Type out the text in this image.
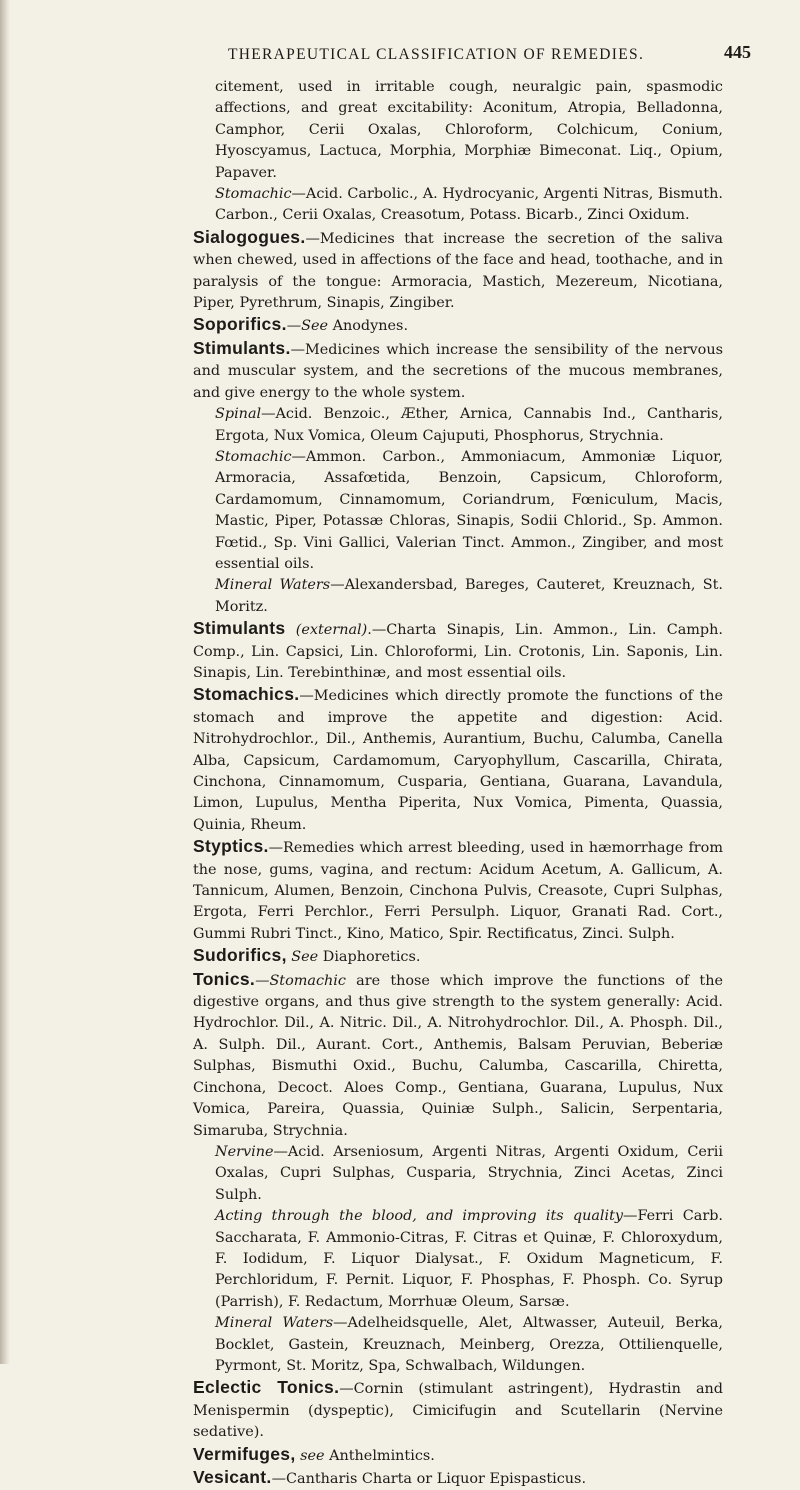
THERAPEUTICAL CLASSIFICATION OF REMEDIES.	445

citement, used in irritable cough, neuralgic pain, spasmodic affections, and great excitability: Aconitum, Atropia, Belladonna, Camphor, Cerii Oxalas, Chloroform, Colchicum, Conium, Hyoscyamus, Lactuca, Morphia, Morphiæ Bimeconat. Liq., Opium, Papaver.

Stomachic—Acid. Carbolic., A. Hydrocyanic, Argenti Nitras, Bismuth. Carbon., Cerii Oxalas, Creasotum, Potass. Bicarb., Zinci Oxidum.

Sialogogues.—Medicines that increase the secretion of the saliva when chewed, used in affections of the face and head, toothache, and in paralysis of the tongue: Armoracia, Mastich, Mezereum, Nicotiana, Piper, Pyrethrum, Sinapis, Zingiber.

Soporifics.—See Anodynes.

Stimulants.—Medicines which increase the sensibility of the nervous and muscular system, and the secretions of the mucous membranes, and give energy to the whole system.

Spinal—Acid. Benzoic., Æther, Arnica, Cannabis Ind., Cantharis, Ergota, Nux Vomica, Oleum Cajuputi, Phosphorus, Strychnia.

Stomachic—Ammon. Carbon., Ammoniacum, Ammoniæ Liquor, Armoracia, Assafœtida, Benzoin, Capsicum, Chloroform, Cardamomum, Cinnamomum, Coriandrum, Fœniculum, Macis, Mastic, Piper, Potassæ Chloras, Sinapis, Sodii Chlorid., Sp. Ammon. Fœtid., Sp. Vini Gallici, Valerian Tinct. Ammon., Zingiber, and most essential oils.

Mineral Waters—Alexandersbad, Bareges, Cauteret, Kreuznach, St. Moritz.

Stimulants (external).—Charta Sinapis, Lin. Ammon., Lin. Camph. Comp., Lin. Capsici, Lin. Chloroformi, Lin. Crotonis, Lin. Saponis, Lin. Sinapis, Lin. Terebinthinæ, and most essential oils.

Stomachics.—Medicines which directly promote the functions of the stomach and improve the appetite and digestion: Acid. Nitrohydrochlor., Dil., Anthemis, Aurantium, Buchu, Calumba, Canella Alba, Capsicum, Cardamomum, Caryophyllum, Cascarilla, Chirata, Cinchona, Cinnamomum, Cusparia, Gentiana, Guarana, Lavandula, Limon, Lupulus, Mentha Piperita, Nux Vomica, Pimenta, Quassia, Quinia, Rheum.

Styptics.—Remedies which arrest bleeding, used in hæmorrhage from the nose, gums, vagina, and rectum: Acidum Acetum, A. Gallicum, A. Tannicum, Alumen, Benzoin, Cinchona Pulvis, Creasote, Cupri Sulphas, Ergota, Ferri Perchlor., Ferri Persulph. Liquor, Granati Rad. Cort., Gummi Rubri Tinct., Kino, Matico, Spir. Rectificatus, Zinci. Sulph.

Sudorifics, See Diaphoretics.

Tonics.—Stomachic are those which improve the functions of the digestive organs, and thus give strength to the system generally: Acid. Hydrochlor. Dil., A. Nitric. Dil., A. Nitrohydrochlor. Dil., A. Phosph. Dil., A. Sulph. Dil., Aurant. Cort., Anthemis, Balsam Peruvian, Beberiæ Sulphas, Bismuthi Oxid., Buchu, Calumba, Cascarilla, Chiretta, Cinchona, Decoct. Aloes Comp., Gentiana, Guarana, Lupulus, Nux Vomica, Pareira, Quassia, Quiniæ Sulph., Salicin, Serpentaria, Simaruba, Strychnia.

Nervine—Acid. Arseniosum, Argenti Nitras, Argenti Oxidum, Cerii Oxalas, Cupri Sulphas, Cusparia, Strychnia, Zinci Acetas, Zinci Sulph.

Acting through the blood, and improving its quality—Ferri Carb. Saccharata, F. Ammonio-Citras, F. Citras et Quinæ, F. Chloroxydum, F. Iodidum, F. Liquor Dialysat., F. Oxidum Magneticum, F. Perchloridum, F. Pernit. Liquor, F. Phosphas, F. Phosph. Co. Syrup (Parrish), F. Redactum, Morrhuæ Oleum, Sarsæ.

Mineral Waters—Adelheidsquelle, Alet, Altwasser, Auteuil, Berka, Bocklet, Gastein, Kreuznach, Meinberg, Orezza, Ottilienquelle, Pyrmont, St. Moritz, Spa, Schwalbach, Wildungen.

Eclectic Tonics.—Cornin (stimulant astringent), Hydrastin and Menispermin (dyspeptic), Cimicifugin and Scutellarin (Nervine sedative).

Vermifuges, see Anthelmintics.

Vesicant.—Cantharis Charta or Liquor Epispasticus.
